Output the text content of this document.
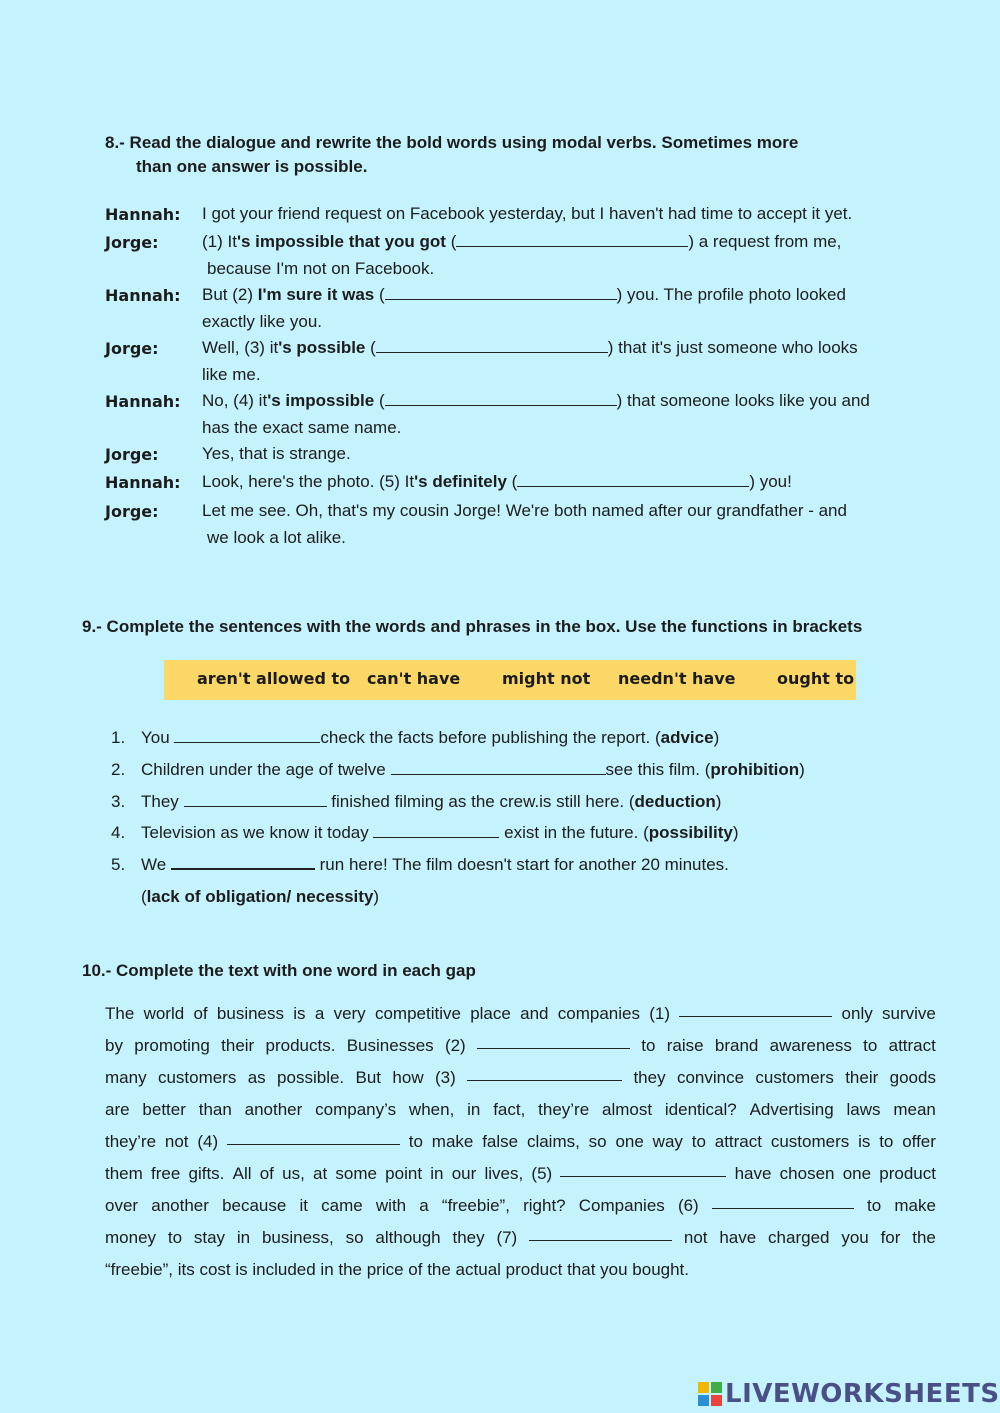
8.- Read the dialogue and rewrite the bold words using modal verbs. Sometimes more
than one answer is possible.
Hannah: I got your friend request on Facebook yesterday, but I haven't had time to accept it yet.
Jorge:	(1) It's impossible that you got (	) a request from me,
because I'm not on Facebook.
Hannah: But (2) I'm sure it was (	) you. The profile photo looked
exactly like you.
Jorge:	Well, (3) it's possible (	) that it's just someone who looks
like me.
Hannah: No, (4) it's impossible (	) that someone looks like you and
has the exact same name.
Jorge:	Yes, that is strange.
Hannah: Look, here's the photo. (5) It's definitely (	) you!
Jorge:	Let me see. Oh, that's my cousin Jorge! We're both named after our grandfather - and
we look a lot alike.
9.- Complete the sentences with the words and phrases in the box. Use the functions in brackets
aren't allowed to can't have	might not needn't have	ought to
1. You	check the facts before publishing the report. (advice)
2. Children under the age of twelve	see this film. (prohibition)
3. They	finished filming as the crew.is still here. (deduction)
4. Television as we know it today	exist in the future. (possibility)
5. We	run here! The film doesn't start for another 20 minutes.
(lack of obligation/ necessity)
10.- Complete the text with one word in each gap
The world of business is a very competitive place and companies (1)	only survive
by promoting their products. Businesses (2)	to raise brand awareness to attract
many customers as possible. But how (3)	they convince customers their goods
are better than another company’s when, in fact, they’re almost identical? Advertising laws mean
they’re not (4)	to make false claims, so one way to attract customers is to offer
them free gifts. All of us, at some point in our lives, (5)	have chosen one product
over another because it came with a “freebie”, right? Companies (6)	to make
money to stay in business, so although they (7)	not have charged you for the
“freebie”, its cost is included in the price of the actual product that you bought.
LIVEWORKSHEETS
